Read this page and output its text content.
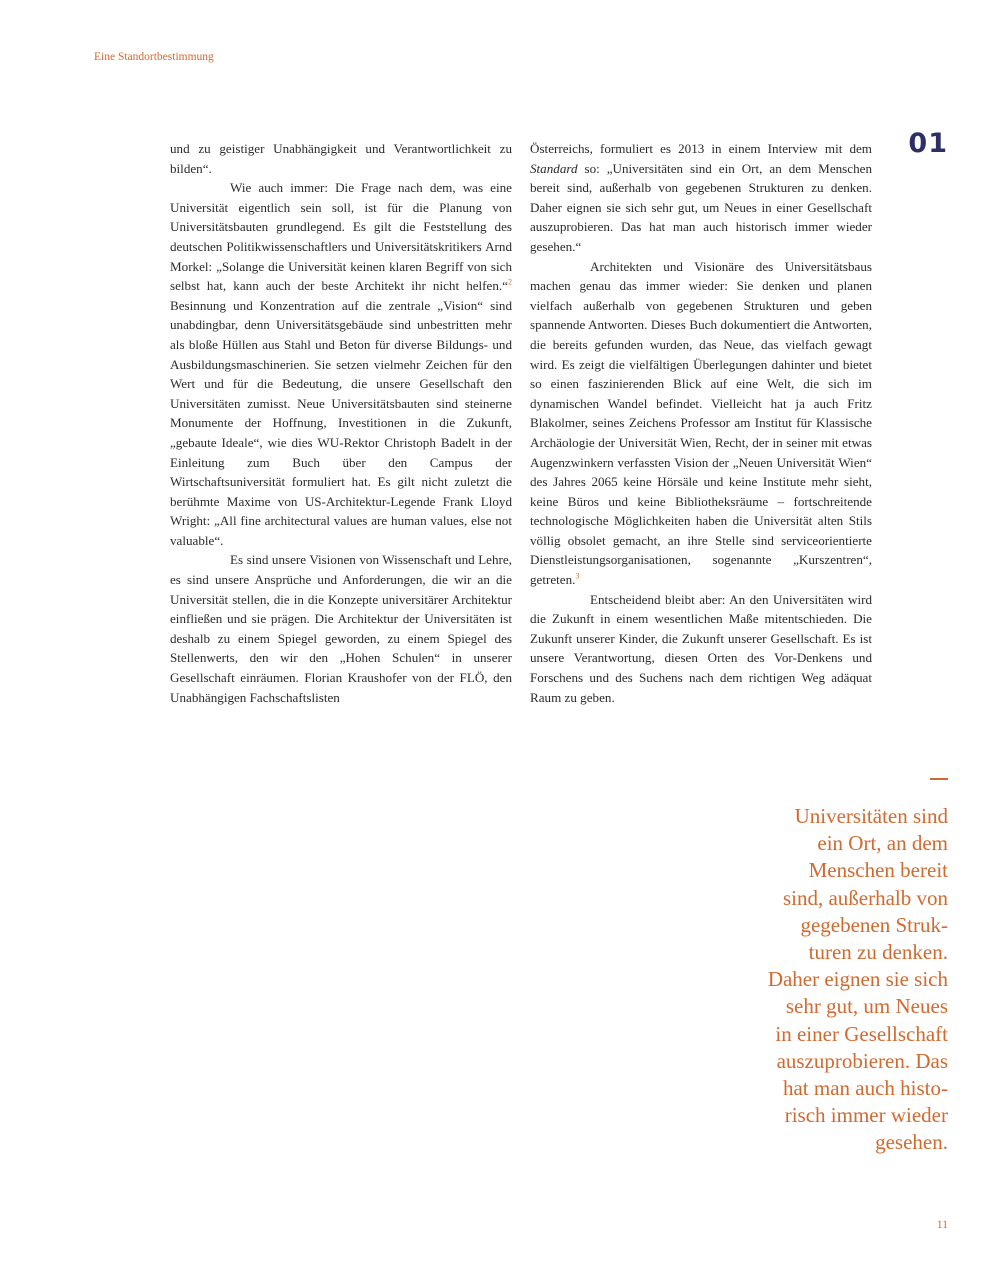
Eine Standortbestimmung
01

und zu geistiger Unabhängigkeit und Verantwortlichkeit zu bilden“.

Wie auch immer: Die Frage nach dem, was eine Universität eigentlich sein soll, ist für die Planung von Universitätsbauten grundlegend. Es gilt die Feststellung des deutschen Politikwissenschaftlers und Universitätskritikers Arnd Morkel: „Solange die Universität keinen klaren Begriff von sich selbst hat, kann auch der beste Architekt ihr nicht helfen.“$^2$ Besinnung und Konzentration auf die zentrale „Vision“ sind unabdingbar, denn Universitätsgebäude sind unbestritten mehr als bloße Hüllen aus Stahl und Beton für diverse Bildungs- und Ausbildungsmaschinerien. Sie setzen vielmehr Zeichen für den Wert und für die Bedeutung, die unsere Gesellschaft den Universitäten zumisst. Neue Universitätsbauten sind steinerne Monumente der Hoffnung, Investitionen in die Zukunft, „gebaute Ideale“, wie dies WU-Rektor Christoph Badelt in der Einleitung zum Buch über den Campus der Wirtschaftsuniversität formuliert hat. Es gilt nicht zuletzt die berühmte Maxime von US-Architektur-Legende Frank Lloyd Wright: „All fine architectural values are human values, else not valuable“.

Es sind unsere Visionen von Wissenschaft und Lehre, es sind unsere Ansprüche und Anforderungen, die wir an die Universität stellen, die in die Konzepte universitärer Architektur einfließen und sie prägen. Die Architektur der Universitäten ist deshalb zu einem Spiegel geworden, zu einem Spiegel des Stellenwerts, den wir den „Hohen Schulen“ in unserer Gesellschaft einräumen. Florian Kraushofer von der FLÖ, den Unabhängigen Fachschaftslisten

Österreichs, formuliert es 2013 in einem Interview mit dem Standard so: „Universitäten sind ein Ort, an dem Menschen bereit sind, außerhalb von gegebenen Strukturen zu denken. Daher eignen sie sich sehr gut, um Neues in einer Gesellschaft auszuprobieren. Das hat man auch historisch immer wieder gesehen.“

Architekten und Visionäre des Universitätsbaus machen genau das immer wieder: Sie denken und planen vielfach außerhalb von gegebenen Strukturen und geben spannende Antworten. Dieses Buch dokumentiert die Antworten, die bereits gefunden wurden, das Neue, das vielfach gewagt wird. Es zeigt die vielfältigen Überlegungen dahinter und bietet so einen faszinierenden Blick auf eine Welt, die sich im dynamischen Wandel befindet. Vielleicht hat ja auch Fritz Blakolmer, seines Zeichens Professor am Institut für Klassische Archäologie der Universität Wien, Recht, der in seiner mit etwas Augenzwinkern verfassten Vision der „Neuen Universität Wien“ des Jahres 2065 keine Hörsäle und keine Institute mehr sieht, keine Büros und keine Bibliotheksräume – fortschreitende technologische Möglichkeiten haben die Universität alten Stils völlig obsolet gemacht, an ihre Stelle sind serviceorientierte Dienstleistungsorganisationen, sogenannte „Kurszentren“, getreten.$^3$

Entscheidend bleibt aber: An den Universitäten wird die Zukunft in einem wesentlichen Maße mitentschieden. Die Zukunft unserer Kinder, die Zukunft unserer Gesellschaft. Es ist unsere Verantwortung, diesen Orten des Vor-Denkens und Forschens und des Suchens nach dem richtigen Weg adäquat Raum zu geben.

Universitäten sind
ein Ort, an dem
Menschen bereit
sind, außerhalb von
gegebenen Struk-
turen zu denken.
Daher eignen sie sich
sehr gut, um Neues
in einer Gesellschaft
auszuprobieren. Das
hat man auch histo-
risch immer wieder
gesehen.
11
